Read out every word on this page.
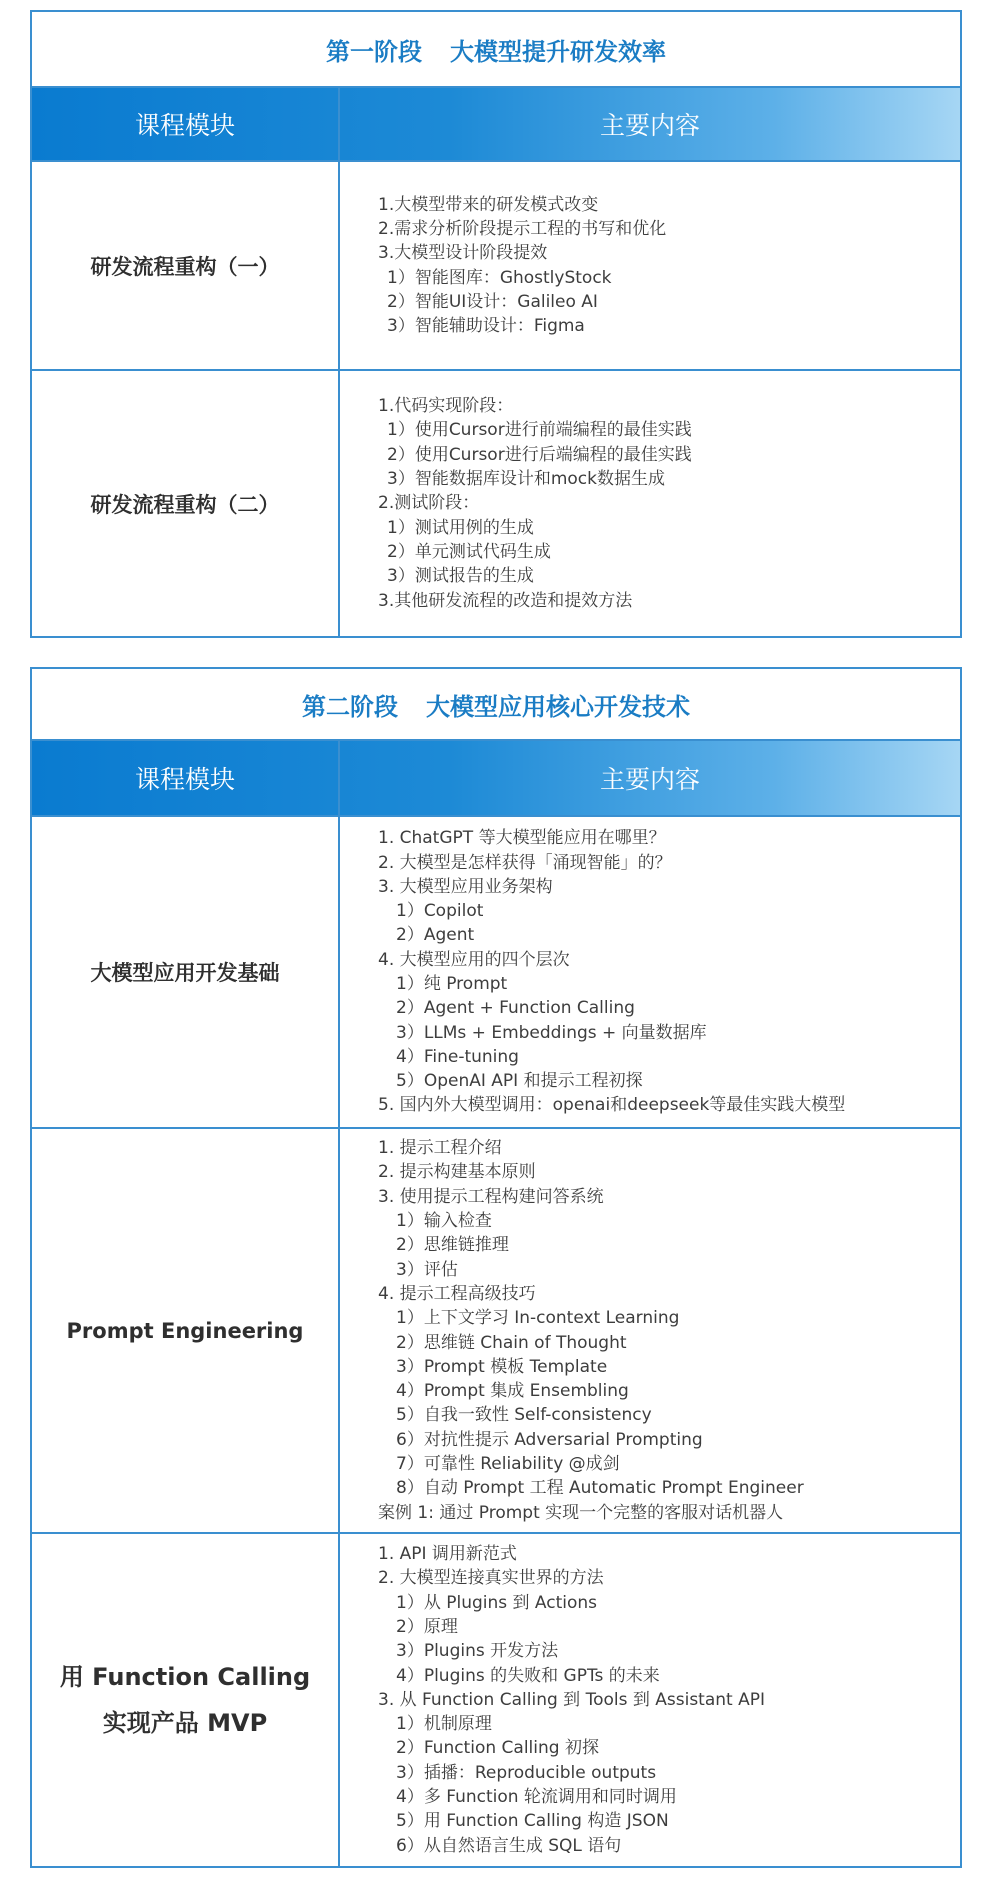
第一阶段 大模型提升研发效率
课程模块	主要内容
研发流程重构（一）
1.大模型带来的研发模式改变
2.需求分析阶段提示工程的书写和优化
3.大模型设计阶段提效
1）智能图库：GhostlyStock
2）智能UI设计：Galileo AI
3）智能辅助设计：Figma
研发流程重构（二）
1.代码实现阶段：
1）使用Cursor进行前端编程的最佳实践
2）使用Cursor进行后端编程的最佳实践
3）智能数据库设计和mock数据生成
2.测试阶段：
1）测试用例的生成
2）单元测试代码生成
3）测试报告的生成
3.其他研发流程的改造和提效方法
第二阶段 大模型应用核心开发技术
课程模块	主要内容
大模型应用开发基础
1. ChatGPT 等大模型能应用在哪里？
2. 大模型是怎样获得「涌现智能」的？
3. 大模型应用业务架构
1）Copilot
2）Agent
4. 大模型应用的四个层次
1）纯 Prompt
2）Agent + Function Calling
3）LLMs + Embeddings + 向量数据库
4）Fine-tuning
5）OpenAI API 和提示工程初探
5. 国内外大模型调用：openai和deepseek等最佳实践大模型
Prompt Engineering
1. 提示工程介绍
2. 提示构建基本原则
3. 使用提示工程构建问答系统
1）输入检查
2）思维链推理
3）评估
4. 提示工程高级技巧
1）上下文学习 In-context Learning
2）思维链 Chain of Thought
3）Prompt 模板 Template
4）Prompt 集成 Ensembling
5）自我一致性 Self-consistency
6）对抗性提示 Adversarial Prompting
7）可靠性 Reliability @成剑
8）自动 Prompt 工程 Automatic Prompt Engineer
案例 1: 通过 Prompt 实现一个完整的客服对话机器人
用 Function Calling
实现产品 MVP
1. API 调用新范式
2. 大模型连接真实世界的方法
1）从 Plugins 到 Actions
2）原理
3）Plugins 开发方法
4）Plugins 的失败和 GPTs 的未来
3. 从 Function Calling 到 Tools 到 Assistant API
1）机制原理
2）Function Calling 初探
3）插播：Reproducible outputs
4）多 Function 轮流调用和同时调用
5）用 Function Calling 构造 JSON
6）从自然语言生成 SQL 语句
